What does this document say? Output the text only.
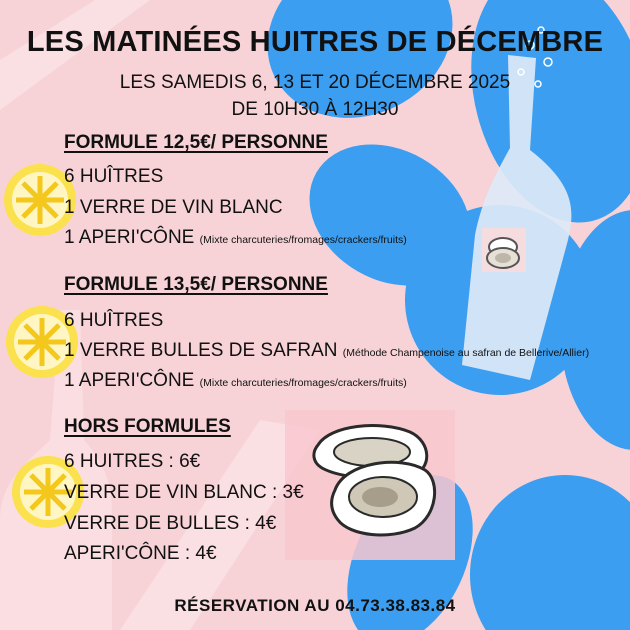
LES MATINÉES HUITRES DE DÉCEMBRE
LES SAMEDIS 6, 13 ET 20 DÉCEMBRE 2025
DE 10H30 À 12H30
FORMULE 12,5€/ PERSONNE
6 HUÎTRES
1 VERRE DE VIN BLANC
1 APERI'CÔNE (Mixte charcuteries/fromages/crackers/fruits)
FORMULE 13,5€/ PERSONNE
6 HUÎTRES
1 VERRE BULLES DE SAFRAN (Méthode Champenoise au safran de Bellerive/Allier)
1 APERI'CÔNE (Mixte charcuteries/fromages/crackers/fruits)
HORS FORMULES
6 HUITRES : 6€
VERRE DE VIN BLANC : 3€
VERRE DE BULLES : 4€
APERI'CÔNE : 4€
RÉSERVATION AU 04.73.38.83.84
